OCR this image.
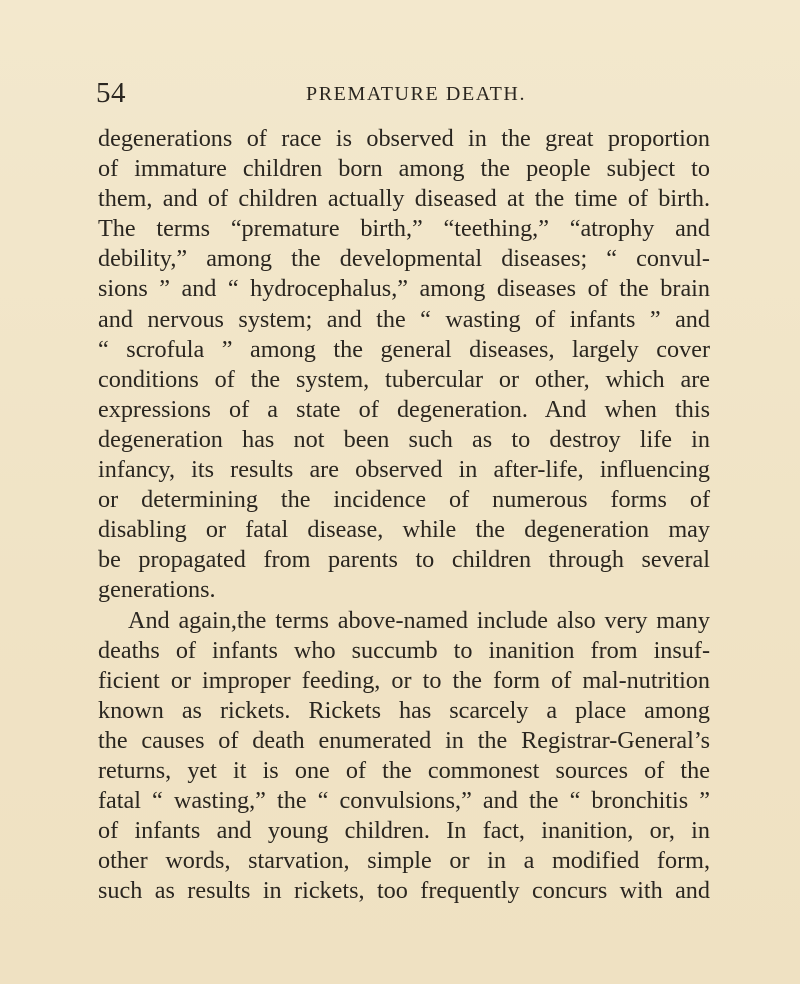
54	PREMATURE DEATH.
degenerations of race is observed in the great proportion
of immature children born among the people subject to
them, and of children actually diseased at the time of birth.
The terms “premature birth,” “teething,” “atrophy and
debility,” among the developmental diseases; “ convul-
sions ” and “ hydrocephalus,” among diseases of the brain
and nervous system; and the “ wasting of infants ” and
“ scrofula ” among the general diseases, largely cover
conditions of the system, tubercular or other, which are
expressions of a state of degeneration. And when this
degeneration has not been such as to destroy life in
infancy, its results are observed in after-life, influencing
or determining the incidence of numerous forms of
disabling or fatal disease, while the degeneration may
be propagated from parents to children through several
generations.
And again,the terms above-named include also very many
deaths of infants who succumb to inanition from insuf-
ficient or improper feeding, or to the form of mal-nutrition
known as rickets. Rickets has scarcely a place among
the causes of death enumerated in the Registrar-General’s
returns, yet it is one of the commonest sources of the
fatal “ wasting,” the “ convulsions,” and the “ bronchitis ”
of infants and young children. In fact, inanition, or, in
other words, starvation, simple or in a modified form,
such as results in rickets, too frequently concurs with and
